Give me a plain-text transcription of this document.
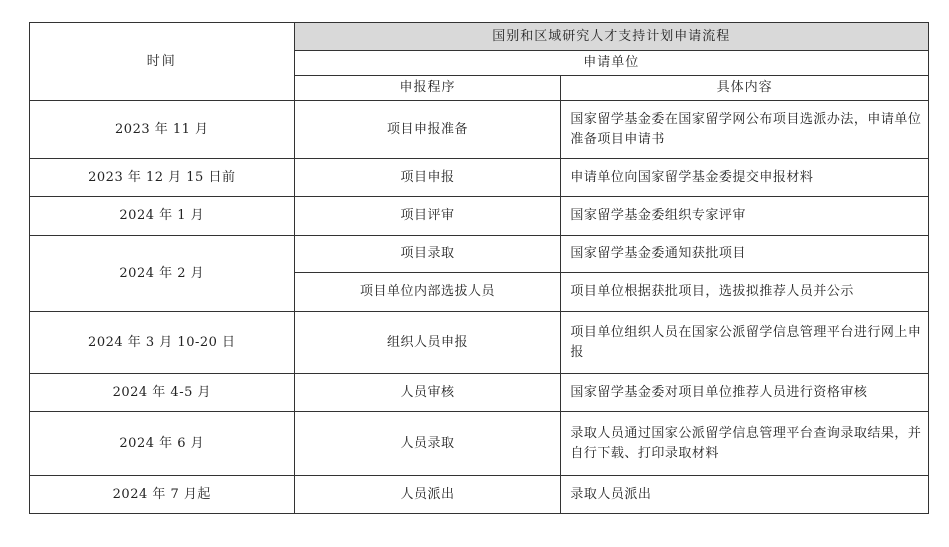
时间	国别和区域研究人才支持计划申请流程	
	申请单位	
	申报程序	具体内容
2023 年 11 月	项目申报准备	国家留学基金委在国家留学网公布项目选派办法，申请单位准备项目申请书
2023 年 12 月 15 日前	项目申报	申请单位向国家留学基金委提交申报材料
2024 年 1 月	项目评审	国家留学基金委组织专家评审
2024 年 2 月	项目录取	国家留学基金委通知获批项目
	项目单位内部选拔人员	项目单位根据获批项目，选拔拟推荐人员并公示
2024 年 3 月 10-20 日	组织人员申报	项目单位组织人员在国家公派留学信息管理平台进行网上申报
2024 年 4-5 月	人员审核	国家留学基金委对项目单位推荐人员进行资格审核
2024 年 6 月	人员录取	录取人员通过国家公派留学信息管理平台查询录取结果，并自行下载、打印录取材料
2024 年 7 月起	人员派出	录取人员派出
